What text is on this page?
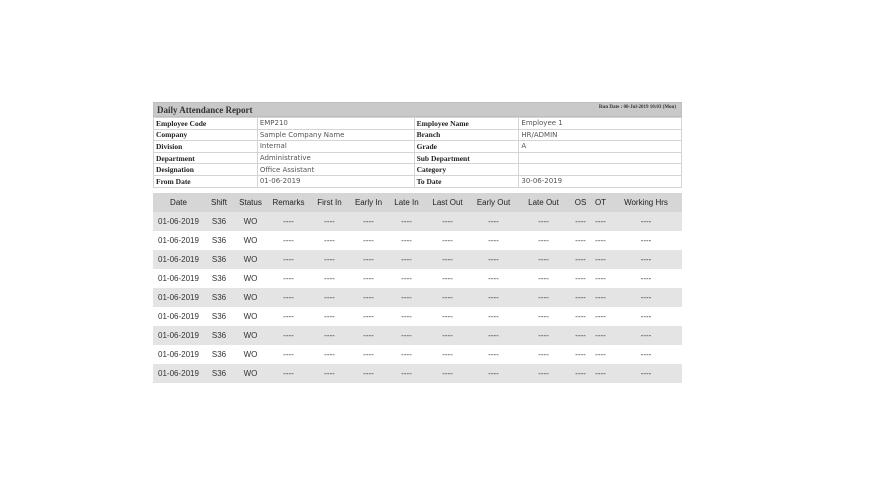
Daily Attendance Report	Run Date : 08-Jul-2019 10:03 (Mon)
Employee Code	EMP210	Employee Name	Employee 1
Company	Sample Company Name	Branch	HR/ADMIN
Division	Internal	Grade	A
Department	Administrative	Sub Department	
Designation	Office Assistant	Category	
From Date	01-06-2019	To Date	30-06-2019
Date	Shift	Status	Remarks	First In	Early In	Late In	Last Out	Early Out	Late Out	OS	OT	Working Hrs
01-06-2019	S36	WO	----	----	----	----	----	----	----	----	----	----
01-06-2019	S36	WO	----	----	----	----	----	----	----	----	----	----
01-06-2019	S36	WO	----	----	----	----	----	----	----	----	----	----
01-06-2019	S36	WO	----	----	----	----	----	----	----	----	----	----
01-06-2019	S36	WO	----	----	----	----	----	----	----	----	----	----
01-06-2019	S36	WO	----	----	----	----	----	----	----	----	----	----
01-06-2019	S36	WO	----	----	----	----	----	----	----	----	----	----
01-06-2019	S36	WO	----	----	----	----	----	----	----	----	----	----
01-06-2019	S36	WO	----	----	----	----	----	----	----	----	----	----
